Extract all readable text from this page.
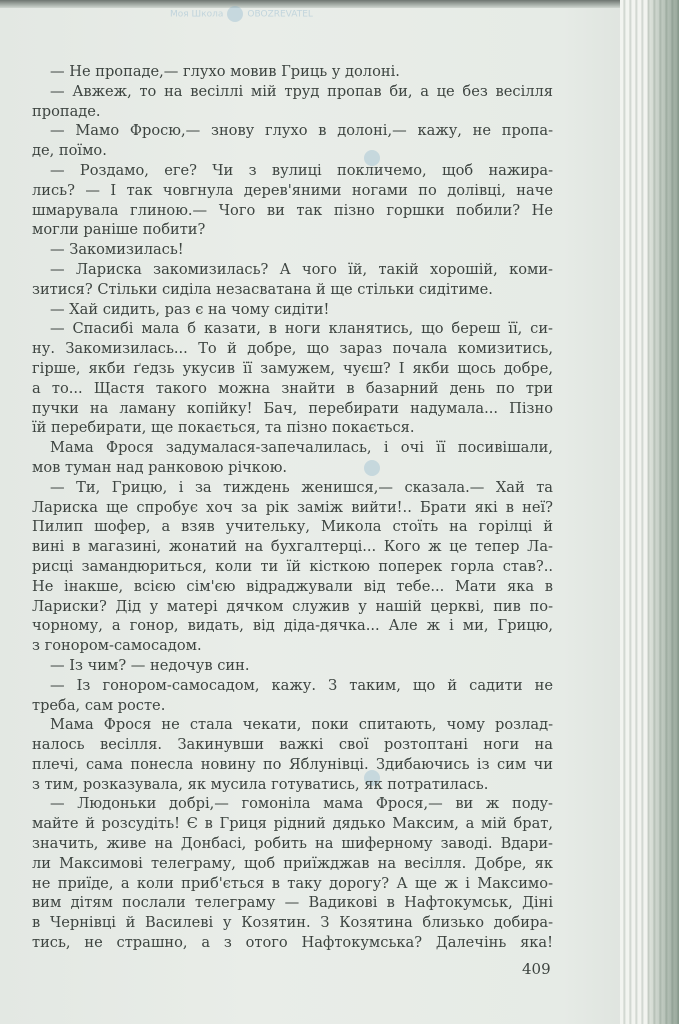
Моя Школа	OBOZREVATEL
— Не пропаде,— глухо мовив Гриць у долоні.
— Авжеж, то на весіллі мій труд пропав би, а це без весілля
пропаде.
— Мамо Фросю,— знову глухо в долоні,— кажу, не пропа-
де, поїмо.
— Роздамо, еге? Чи з вулиці покличемо, щоб нажира-
лись? — І так човгнула дерев'яними ногами по долівці, наче
шмарувала глиною.— Чого ви так пізно горшки побили? Не
могли раніше побити?
— Закомизилась!
— Лариска закомизилась? А чого їй, такій хорошій, коми-
зитися? Стільки сиділа незасватана й ще стільки сидітиме.
— Хай сидить, раз є на чому сидіти!
— Спасибі мала б казати, в ноги кланятись, що береш її, си-
ну. Закомизилась... То й добре, що зараз почала комизитись,
гірше, якби ґедзь укусив її замужем, чуєш? І якби щось добре,
а то... Щастя такого можна знайти в базарний день по три
пучки на ламану копійку! Бач, перебирати надумала... Пізно
їй перебирати, ще покається, та пізно покається.
Мама Фрося задумалася-запечалилась, і очі її посивішали,
мов туман над ранковою річкою.
— Ти, Грицю, і за тиждень женишся,— сказала.— Хай та
Лариска ще спробує хоч за рік заміж вийти!.. Брати які в неї?
Пилип шофер, а взяв учительку, Микола стоїть на горілці й
вині в магазині, жонатий на бухгалтерці... Кого ж це тепер Ла-
рисці замандюриться, коли ти їй кісткою поперек горла став?..
Не інакше, всією сім'єю відраджували від тебе... Мати яка в
Лариски? Дід у матері дячком служив у нашій церкві, пив по-
чорному, а гонор, видать, від діда-дячка... Але ж і ми, Грицю,
з гонором-самосадом.
— Із чим? — недочув син.
— Із гонором-самосадом, кажу. З таким, що й садити не
треба, сам росте.
Мама Фрося не стала чекати, поки спитають, чому розлад-
налось весілля. Закинувши важкі свої розтоптані ноги на
плечі, сама понесла новину по Яблунівці. Здибаючись із сим чи
з тим, розказувала, як мусила готуватись, як потратилась.
— Людоньки добрі,— гомоніла мама Фрося,— ви ж поду-
майте й розсудіть! Є в Гриця рідний дядько Максим, а мій брат,
значить, живе на Донбасі, робить на шиферному заводі. Вдари-
ли Максимові телеграму, щоб приїжджав на весілля. Добре, як
не приїде, а коли приб'ється в таку дорогу? А ще ж і Максимо-
вим дітям послали телеграму — Вадикові в Нафтокумськ, Діні
в Чернівці й Василеві у Козятин. З Козятина близько добира-
тись, не страшно, а з отого Нафтокумська? Далечінь яка!
409
